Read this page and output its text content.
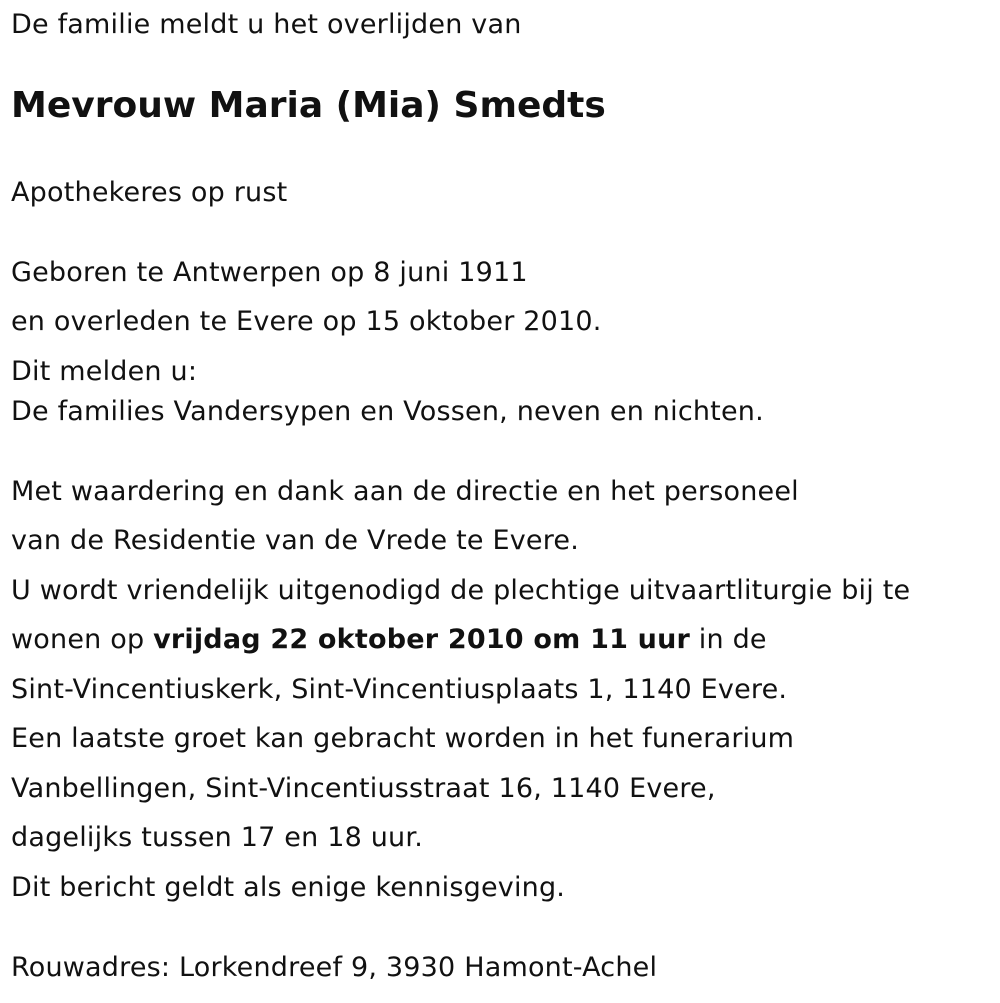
De familie meldt u het overlijden van

Mevrouw Maria (Mia) Smedts

Apothekeres op rust

Geboren te Antwerpen op 8 juni 1911

en overleden te Evere op 15 oktober 2010.

Dit melden u:

De families Vandersypen en Vossen, neven en nichten.

Met waardering en dank aan de directie en het personeel

van de Residentie van de Vrede te Evere.

U wordt vriendelijk uitgenodigd de plechtige uitvaartliturgie bij te

wonen op vrijdag 22 oktober 2010 om 11 uur in de

Sint-Vincentiuskerk, Sint-Vincentiusplaats 1, 1140 Evere.

Een laatste groet kan gebracht worden in het funerarium

Vanbellingen, Sint-Vincentiusstraat 16, 1140 Evere,

dagelijks tussen 17 en 18 uur.

Dit bericht geldt als enige kennisgeving.

Rouwadres: Lorkendreef 9, 3930 Hamont-Achel
